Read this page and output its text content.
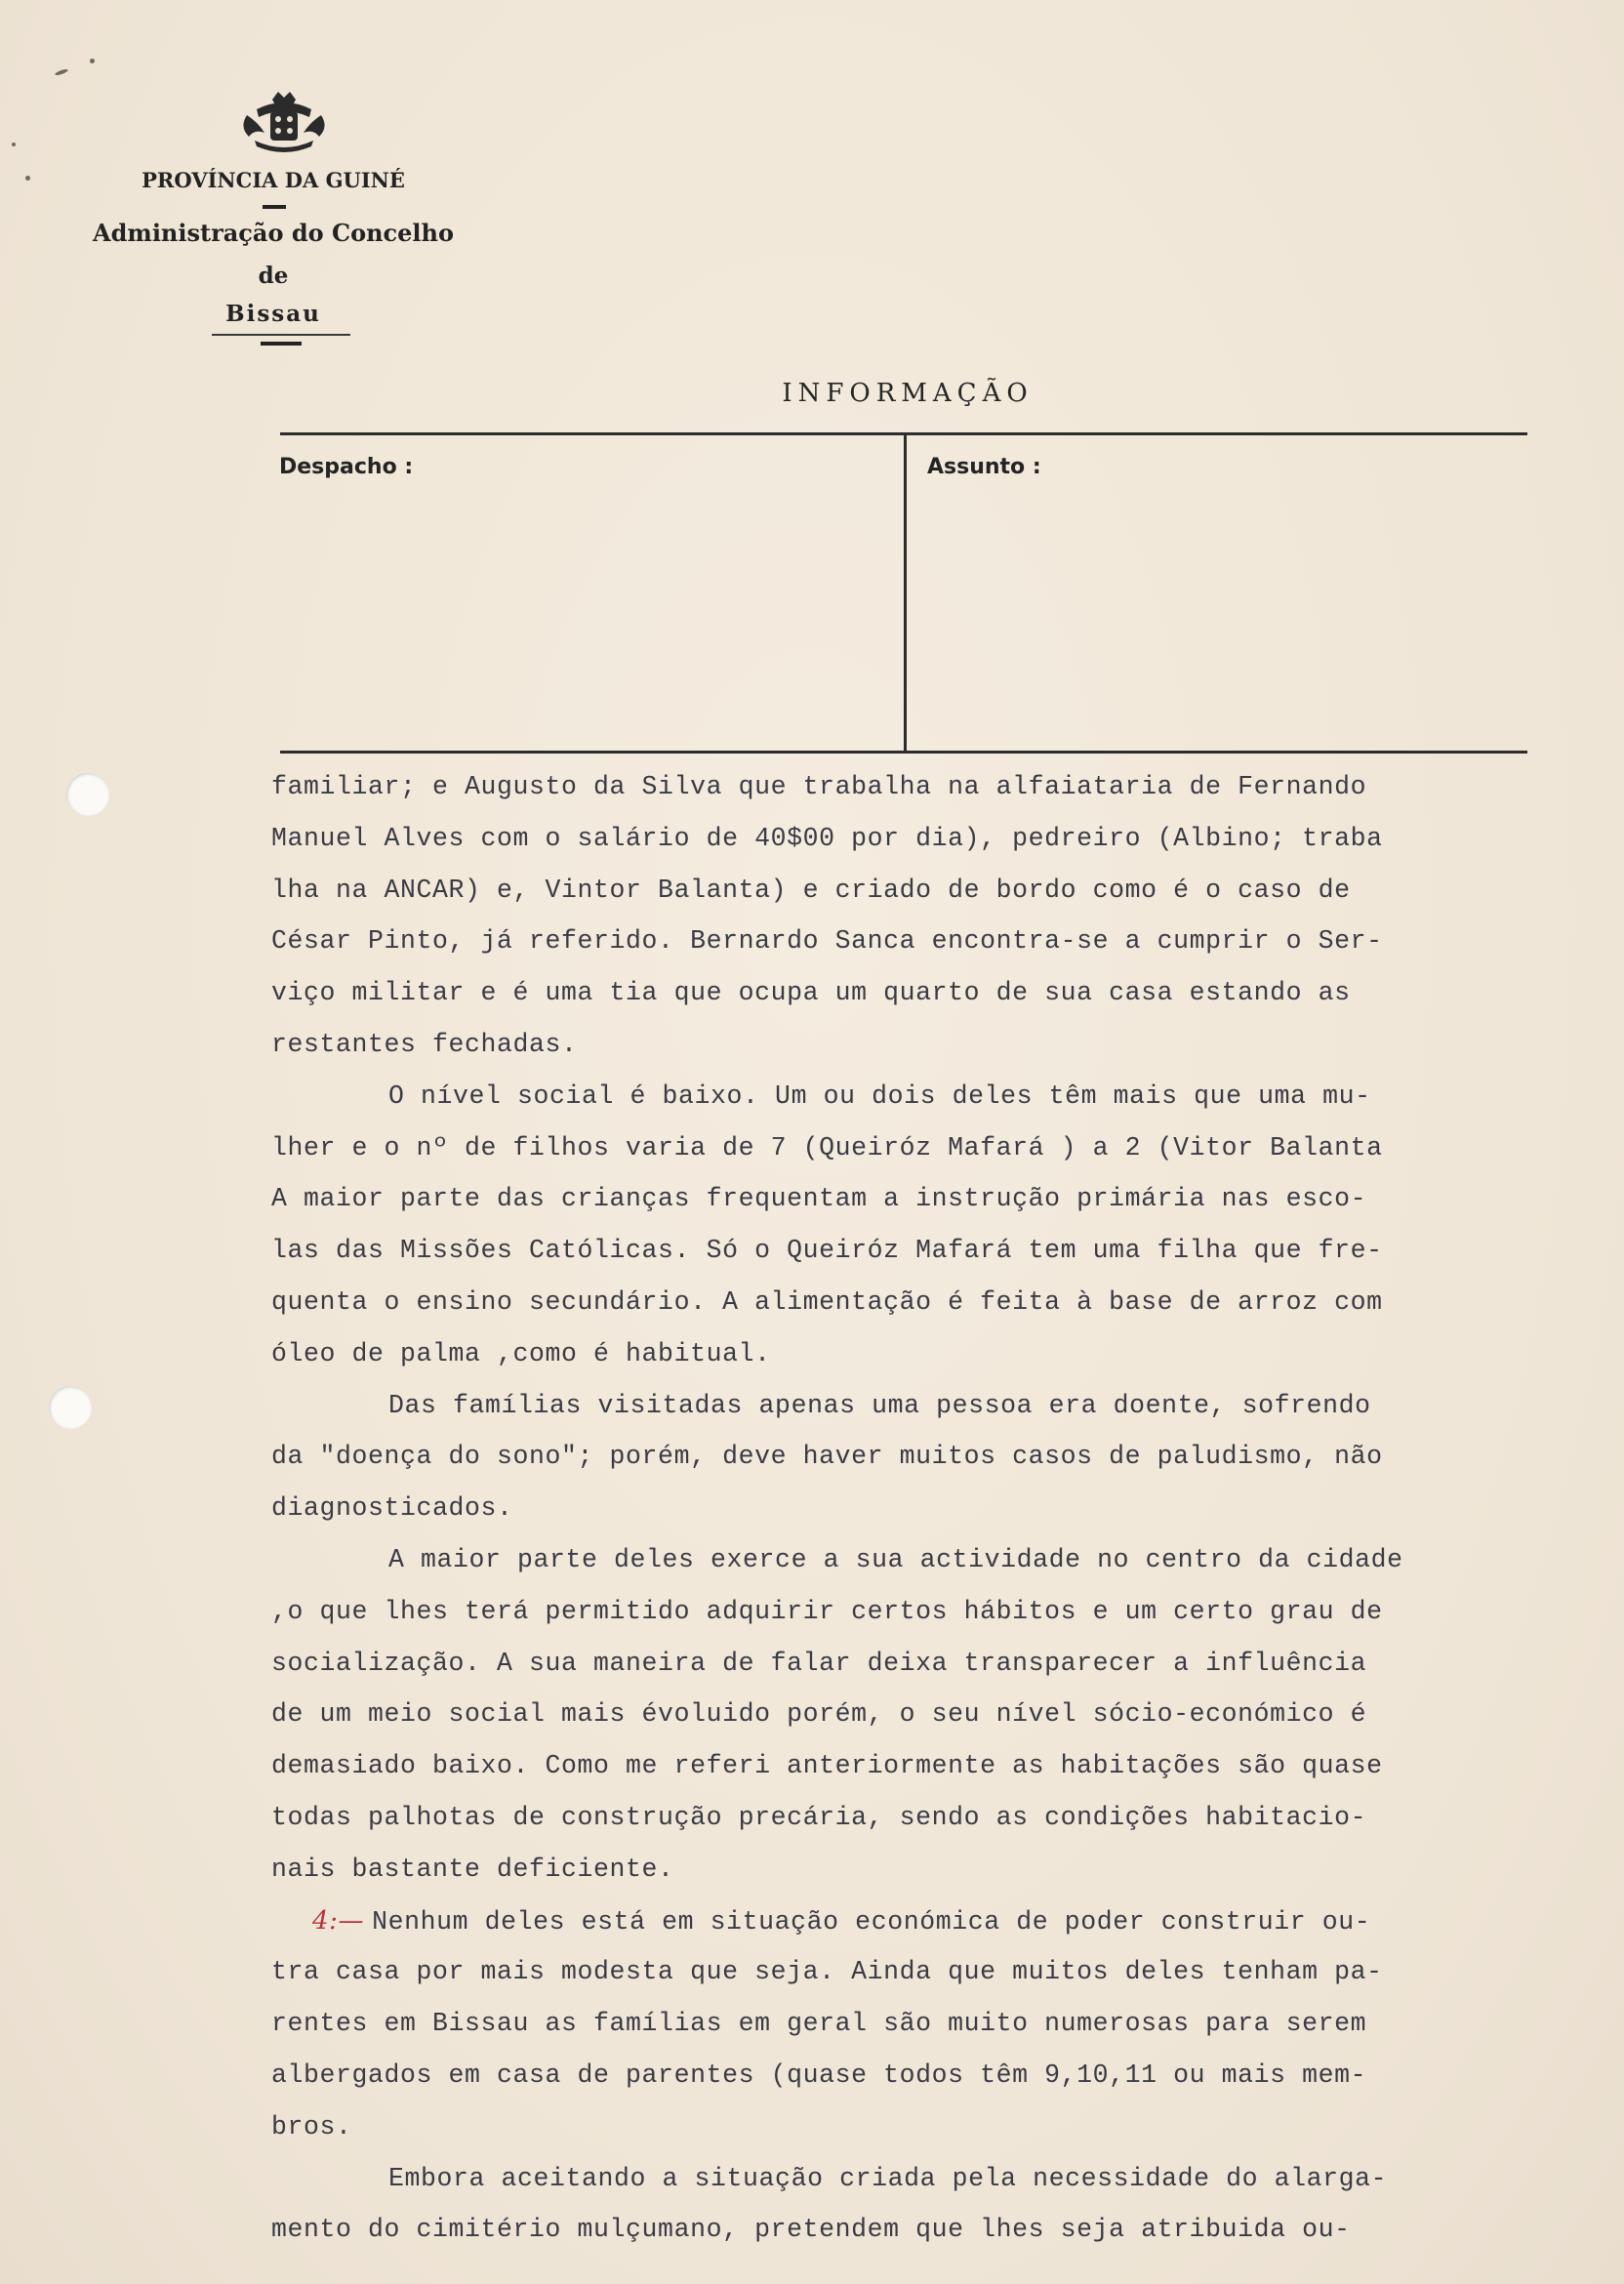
PROVÍNCIA DA GUINÉ
Administração do Concelho
de
Bissau
INFORMAÇÃO
Despacho :	Assunto :
familiar; e Augusto da Silva que trabalha na alfaiataria de Fernando
Manuel Alves com o salário de 40$00 por dia), pedreiro (Albino; traba
lha na ANCAR) e, Vintor Balanta) e criado de bordo como é o caso de
César Pinto, já referido. Bernardo Sanca encontra-se a cumprir o Ser-
viço militar e é uma tia que ocupa um quarto de sua casa estando as
restantes fechadas.
O nível social é baixo. Um ou dois deles têm mais que uma mu-
lher e o nº de filhos varia de 7 (Queiróz Mafará ) a 2 (Vitor Balanta
A maior parte das crianças frequentam a instrução primária nas esco-
las das Missões Católicas. Só o Queiróz Mafará tem uma filha que fre-
quenta o ensino secundário. A alimentação é feita à base de arroz com
óleo de palma ,como é habitual.
Das famílias visitadas apenas uma pessoa era doente, sofrendo
da "doença do sono"; porém, deve haver muitos casos de paludismo, não
diagnosticados.
A maior parte deles exerce a sua actividade no centro da cidade
,o que lhes terá permitido adquirir certos hábitos e um certo grau de
socialização. A sua maneira de falar deixa transparecer a influência
de um meio social mais évoluido porém, o seu nível sócio-económico é
demasiado baixo. Como me referi anteriormente as habitações são quase
todas palhotas de construção precária, sendo as condições habitacio-
nais bastante deficiente.
4:— Nenhum deles está em situação económica de poder construir ou-
tra casa por mais modesta que seja. Ainda que muitos deles tenham pa-
rentes em Bissau as famílias em geral são muito numerosas para serem
albergados em casa de parentes (quase todos têm 9,10,11 ou mais mem-
bros.
Embora aceitando a situação criada pela necessidade do alarga-
mento do cimitério mulçumano, pretendem que lhes seja atribuida ou-
